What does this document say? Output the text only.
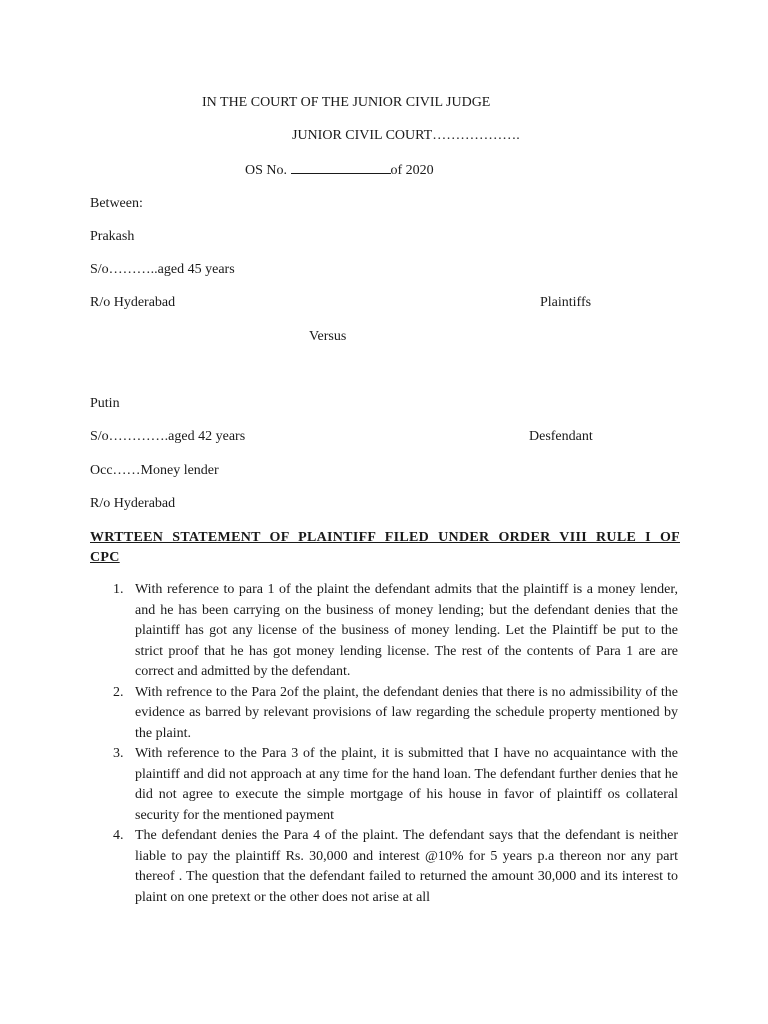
IN THE COURT OF THE JUNIOR CIVIL JUDGE
JUNIOR CIVIL COURT……………….
OS No.	of 2020
Between:
Prakash
S/o………..aged 45 years
R/o Hyderabad	Plaintiffs
Versus
Putin
S/o………….aged 42 years	Desfendant
Occ……Money lender
R/o Hyderabad
WRTTEEN STATEMENT OF PLAINTIFF FILED UNDER ORDER VIII RULE I OF
CPC
1. With reference to para 1 of the plaint the defendant admits that the plaintiff is a money lender, and he has been carrying on the business of money lending; but the defendant denies that the plaintiff has got any license of the business of money lending. Let the Plaintiff be put to the strict proof that he has got money lending license. The rest of the contents of Para 1 are are correct and admitted by the defendant.
2. With refrence to the Para 2of the plaint, the defendant denies that there is no admissibility of the evidence as barred by relevant provisions of law regarding the schedule property mentioned by the plaint.
3. With reference to the Para 3 of the plaint, it is submitted that I have no acquaintance with the plaintiff and did not approach at any time for the hand loan. The defendant further denies that he did not agree to execute the simple mortgage of his house in favor of plaintiff os collateral security for the mentioned payment
4. The defendant denies the Para 4 of the plaint. The defendant says that the defendant is neither liable to pay the plaintiff Rs. 30,000 and interest @10% for 5 years p.a thereon nor any part thereof . The question that the defendant failed to returned the amount 30,000 and its interest to plaint on one pretext or the other does not arise at all
